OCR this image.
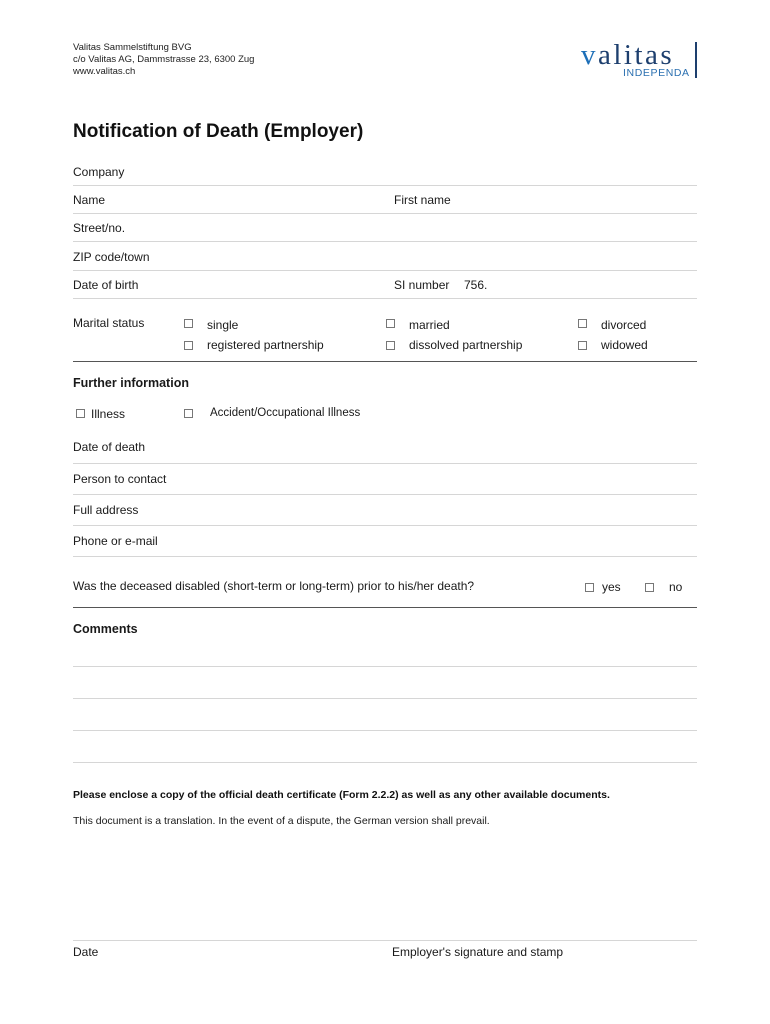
Valitas Sammelstiftung BVG
c/o Valitas AG, Dammstrasse 23, 6300 Zug
www.valitas.ch
valitas
INDEPENDA
Notification of Death (Employer)
Company
Name	First name
Street/no.
ZIP code/town
Date of birth	SI number 756.
Marital status	single	married	divorced
registered partnership	dissolved partnership	widowed
Further information
Illness	Accident/Occupational Illness
Date of death
Person to contact
Full address
Phone or e-mail
Was the deceased disabled (short-term or long-term) prior to his/her death?	yes	no
Comments
Please enclose a copy of the official death certificate (Form 2.2.2) as well as any other available documents.
This document is a translation. In the event of a dispute, the German version shall prevail.
Date	Employer's signature and stamp
